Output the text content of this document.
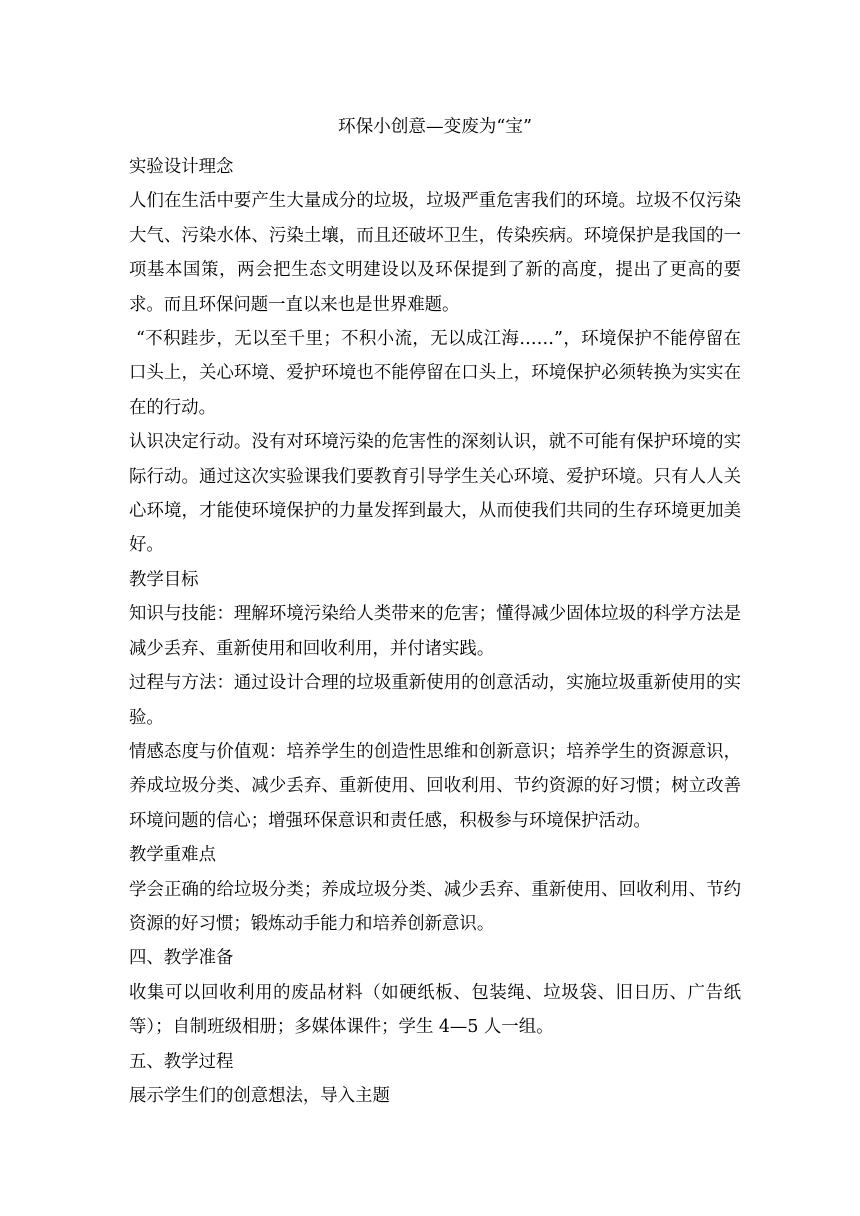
环保小创意—变废为“宝”

实验设计理念

人们在生活中要产生大量成分的垃圾，垃圾严重危害我们的环境。垃圾不仅污染大气、污染水体、污染土壤，而且还破坏卫生，传染疾病。环境保护是我国的一项基本国策，两会把生态文明建设以及环保提到了新的高度，提出了更高的要求。而且环保问题一直以来也是世界难题。

“不积跬步，无以至千里；不积小流，无以成江海……”，环境保护不能停留在口头上，关心环境、爱护环境也不能停留在口头上，环境保护必须转换为实实在在的行动。

认识决定行动。没有对环境污染的危害性的深刻认识，就不可能有保护环境的实际行动。通过这次实验课我们要教育引导学生关心环境、爱护环境。只有人人关心环境，才能使环境保护的力量发挥到最大，从而使我们共同的生存环境更加美好。

教学目标

知识与技能：理解环境污染给人类带来的危害；懂得减少固体垃圾的科学方法是减少丢弃、重新使用和回收利用，并付诸实践。

过程与方法：通过设计合理的垃圾重新使用的创意活动，实施垃圾重新使用的实验。

情感态度与价值观：培养学生的创造性思维和创新意识；培养学生的资源意识，养成垃圾分类、减少丢弃、重新使用、回收利用、节约资源的好习惯；树立改善环境问题的信心；增强环保意识和责任感，积极参与环境保护活动。

教学重难点

学会正确的给垃圾分类；养成垃圾分类、减少丢弃、重新使用、回收利用、节约资源的好习惯；锻炼动手能力和培养创新意识。

四、教学准备

收集可以回收利用的废品材料（如硬纸板、包装绳、垃圾袋、旧日历、广告纸等）；自制班级相册；多媒体课件；学生 4—5 人一组。

五、教学过程

展示学生们的创意想法，导入主题
